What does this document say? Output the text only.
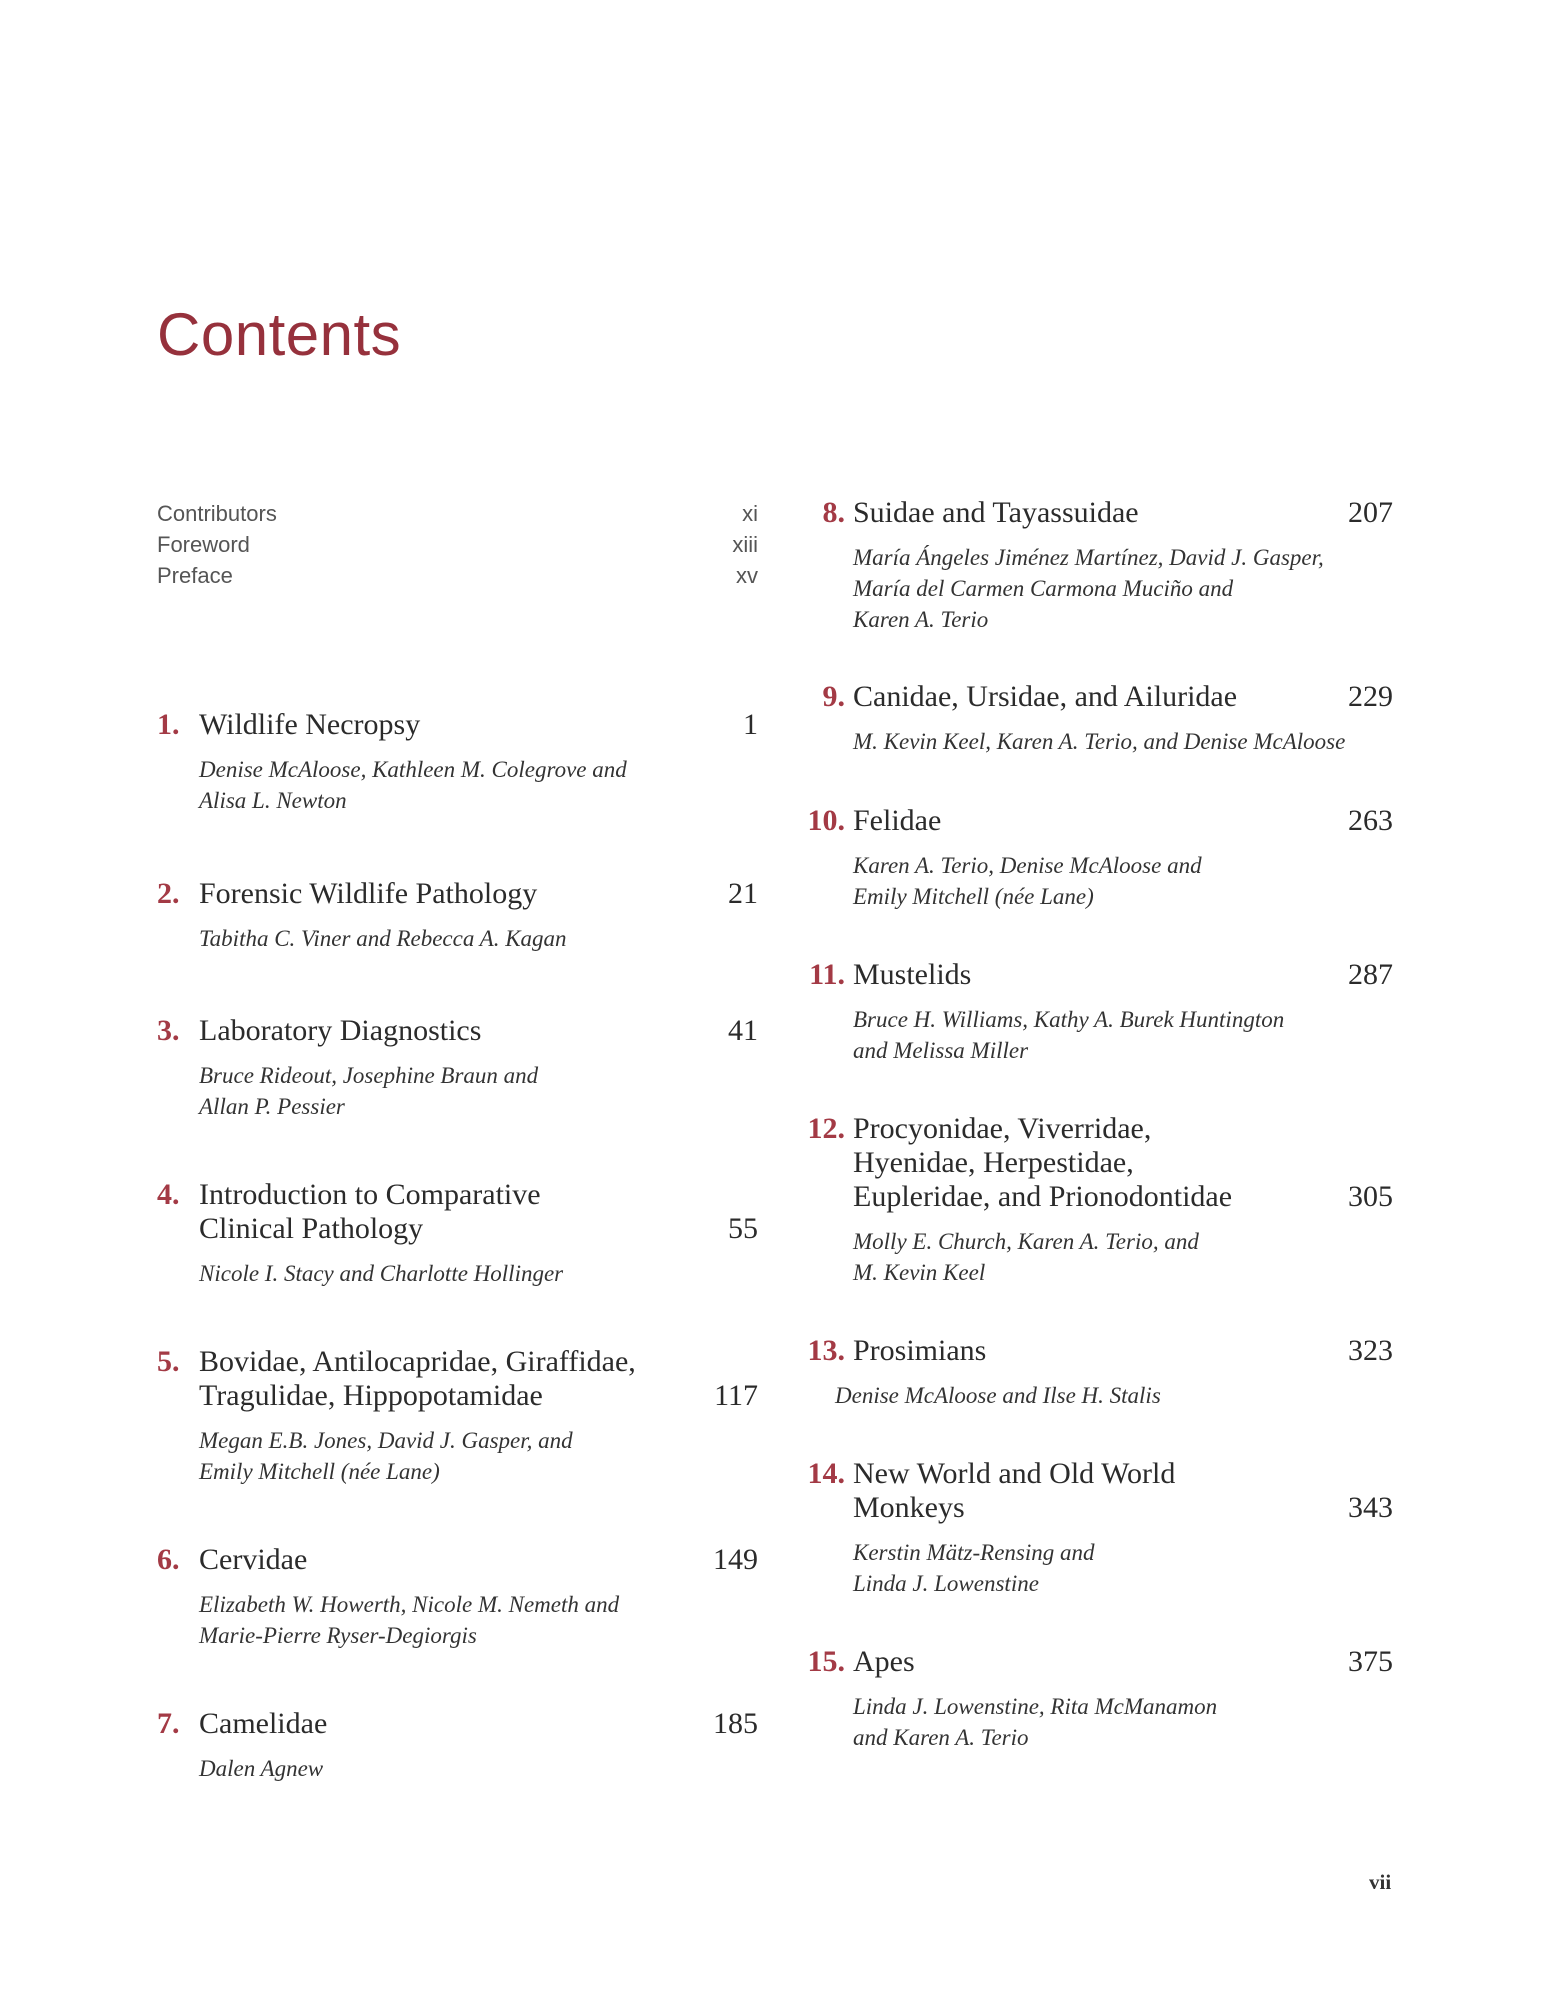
Contents
Contributors	xi
Foreword	xiii
Preface	xv
1. Wildlife Necropsy	1
Denise McAloose, Kathleen M. Colegrove and
Alisa L. Newton
2. Forensic Wildlife Pathology	21
Tabitha C. Viner and Rebecca A. Kagan
3. Laboratory Diagnostics	41
Bruce Rideout, Josephine Braun and
Allan P. Pessier
4. Introduction to Comparative
Clinical Pathology	55
Nicole I. Stacy and Charlotte Hollinger
5. Bovidae, Antilocapridae, Giraffidae,
Tragulidae, Hippopotamidae	117
Megan E.B. Jones, David J. Gasper, and
Emily Mitchell (née Lane)
6. Cervidae	149
Elizabeth W. Howerth, Nicole M. Nemeth and
Marie-Pierre Ryser-Degiorgis
7. Camelidae	185
Dalen Agnew
8. Suidae and Tayassuidae	207
María Ángeles Jiménez Martínez, David J. Gasper,
María del Carmen Carmona Muciño and
Karen A. Terio
9. Canidae, Ursidae, and Ailuridae	229
M. Kevin Keel, Karen A. Terio, and Denise McAloose
10. Felidae	263
Karen A. Terio, Denise McAloose and
Emily Mitchell (née Lane)
11. Mustelids	287
Bruce H. Williams, Kathy A. Burek Huntington
and Melissa Miller
12. Procyonidae, Viverridae,
Hyenidae, Herpestidae,
Eupleridae, and Prionodontidae	305
Molly E. Church, Karen A. Terio, and
M. Kevin Keel
13. Prosimians	323
Denise McAloose and Ilse H. Stalis
14. New World and Old World
Monkeys	343
Kerstin Mätz-Rensing and
Linda J. Lowenstine
15. Apes	375
Linda J. Lowenstine, Rita McManamon
and Karen A. Terio
vii
